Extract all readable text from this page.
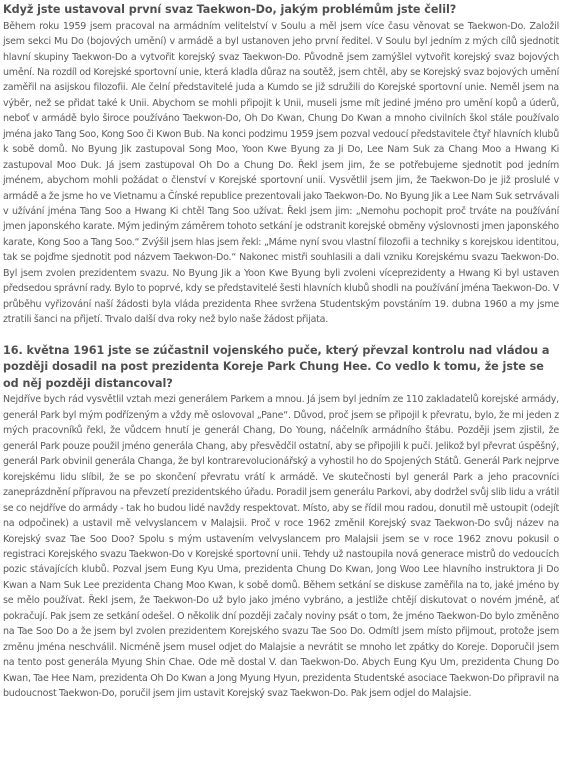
Když jste ustavoval první svaz Taekwon-Do, jakým problémům jste čelil?

Během roku 1959 jsem pracoval na armádním velitelství v Soulu a měl jsem více času věnovat se Taekwon-Do. Založil jsem sekci Mu Do (bojových umění) v armádě a byl ustanoven jeho první ředitel. V Soulu byl jedním z mých cílů sjednotit hlavní skupiny Taekwon-Do a vytvořit korejský svaz Taekwon-Do. Původně jsem zamýšlel vytvořit korejský svaz bojových umění. Na rozdíl od Korejské sportovní unie, která kladla důraz na soutěž, jsem chtěl, aby se Korejský svaz bojových umění zaměřil na asijskou filozofii. Ale čelní představitelé juda a Kumdo se již sdružili do Korejské sportovní unie. Neměl jsem na výběr, než se přidat také k Unii. Abychom se mohli připojit k Unii, museli jsme mít jediné jméno pro umění kopů a úderů, neboť v armádě bylo široce používáno Taekwon-Do, Oh Do Kwan, Chung Do Kwan a mnoho civilních škol stále používalo jména jako Tang Soo, Kong Soo či Kwon Bub. Na konci podzimu 1959 jsem pozval vedoucí představitele čtyř hlavních klubů k sobě domů. No Byung Jik zastupoval Song Moo, Yoon Kwe Byung za Ji Do, Lee Nam Suk za Chang Moo a Hwang Ki zastupoval Moo Duk. Já jsem zastupoval Oh Do a Chung Do. Řekl jsem jim, že se potřebujeme sjednotit pod jedním jménem, abychom mohli požádat o členství v Korejské sportovní unii. Vysvětlil jsem jim, že Taekwon-Do je již proslulé v armádě a že jsme ho ve Vietnamu a Čínské republice prezentovali jako Taekwon-Do. No Byung Jik a Lee Nam Suk setrvávali v užívání jména Tang Soo a Hwang Ki chtěl Tang Soo užívat. Řekl jsem jim: „Nemohu pochopit proč trváte na používání jmen japonského karate. Mým jediným záměrem tohoto setkání je odstranit korejské obměny výslovnosti jmen japonského karate, Kong Soo a Tang Soo.“ Zvýšil jsem hlas jsem řekl: „Máme nyní svou vlastní filozofii a techniky s korejskou identitou, tak se pojďme sjednotit pod názvem Taekwon-Do.“ Nakonec mistři souhlasili a dali vzniku Korejskému svazu Taekwon-Do. Byl jsem zvolen prezidentem svazu. No Byung Jik a Yoon Kwe Byung byli zvoleni víceprezidenty a Hwang Ki byl ustaven předsedou správní rady. Bylo to poprvé, kdy se představitelé šesti hlavních klubů shodli na používání jména Taekwon-Do. V průběhu vyřizování naší žádosti byla vláda prezidenta Rhee svržena Studentským povstáním 19. dubna 1960 a my jsme ztratili šanci na přijetí. Trvalo další dva roky než bylo naše žádost přijata.

16. května 1961 jste se zúčastnil vojenského puče, který převzal kontrolu nad vládou a později dosadil na post prezidenta Koreje Park Chung Hee. Co vedlo k tomu, že jste se od něj později distancoval?

Nejdříve bych rád vysvětlil vztah mezi generálem Parkem a mnou. Já jsem byl jedním ze 110 zakladatelů korejské armády, generál Park byl mým podřízeným a vždy mě oslovoval „Pane“. Důvod, proč jsem se připojil k převratu, bylo, že mi jeden z mých pracovníků řekl, že vůdcem hnutí je generál Chang, Do Young, náčelník armádního štábu. Později jsem zjistil, že generál Park pouze použil jméno generála Chang, aby přesvědčil ostatní, aby se připojili k puči. Jelikož byl převrat úspěšný, generál Park obvinil generála Changa, že byl kontrarevolucionářský a vyhostil ho do Spojených Států. Generál Park nejprve korejskému lidu slíbil, že se po skončení převratu vrátí k armádě. Ve skutečnosti byl generál Park a jeho pracovníci zaneprázdnění přípravou na převzetí prezidentského úřadu. Poradil jsem generálu Parkovi, aby dodržel svůj slib lidu a vrátil se co nejdříve do armády - tak ho budou lidé navždy respektovat. Místo, aby se řídil mou radou, donutil mě ustoupit (odejít na odpočinek) a ustavil mě velvyslancem v Malajsii. Proč v roce 1962 změnil Korejský svaz Taekwon-Do svůj název na Korejský svaz Tae Soo Doo? Spolu s mým ustavením velvyslancem pro Malajsii jsem se v roce 1962 znovu pokusil o registraci Korejského svazu Taekwon-Do v Korejské sportovní unii. Tehdy už nastoupila nová generace mistrů do vedoucích pozic stávajících klubů. Pozval jsem Eung Kyu Uma, prezidenta Chung Do Kwan, Jong Woo Lee hlavního instruktora Ji Do Kwan a Nam Suk Lee prezidenta Chang Moo Kwan, k sobě domů. Během setkání se diskuse zaměřila na to, jaké jméno by se mělo používat. Řekl jsem, že Taekwon-Do už bylo jako jméno vybráno, a jestliže chtějí diskutovat o novém jméně, ať pokračují. Pak jsem ze setkání odešel. O několik dní později začaly noviny psát o tom, že jméno Taekwon-Do bylo změněno na Tae Soo Do a že jsem byl zvolen prezidentem Korejského svazu Tae Soo Do. Odmítl jsem místo přijmout, protože jsem změnu jména neschválil. Nicméně jsem musel odjet do Malajsie a nevrátit se mnoho let zpátky do Koreje. Doporučil jsem na tento post generála Myung Shin Chae. Ode mě dostal V. dan Taekwon-Do. Abych Eung Kyu Um, prezidenta Chung Do Kwan, Tae Hee Nam, prezidenta Oh Do Kwan a Jong Myung Hyun, prezidenta Studentské asociace Taekwon-Do připravil na budoucnost Taekwon-Do, poručil jsem jim ustavit Korejský svaz Taekwon-Do. Pak jsem odjel do Malajsie.
